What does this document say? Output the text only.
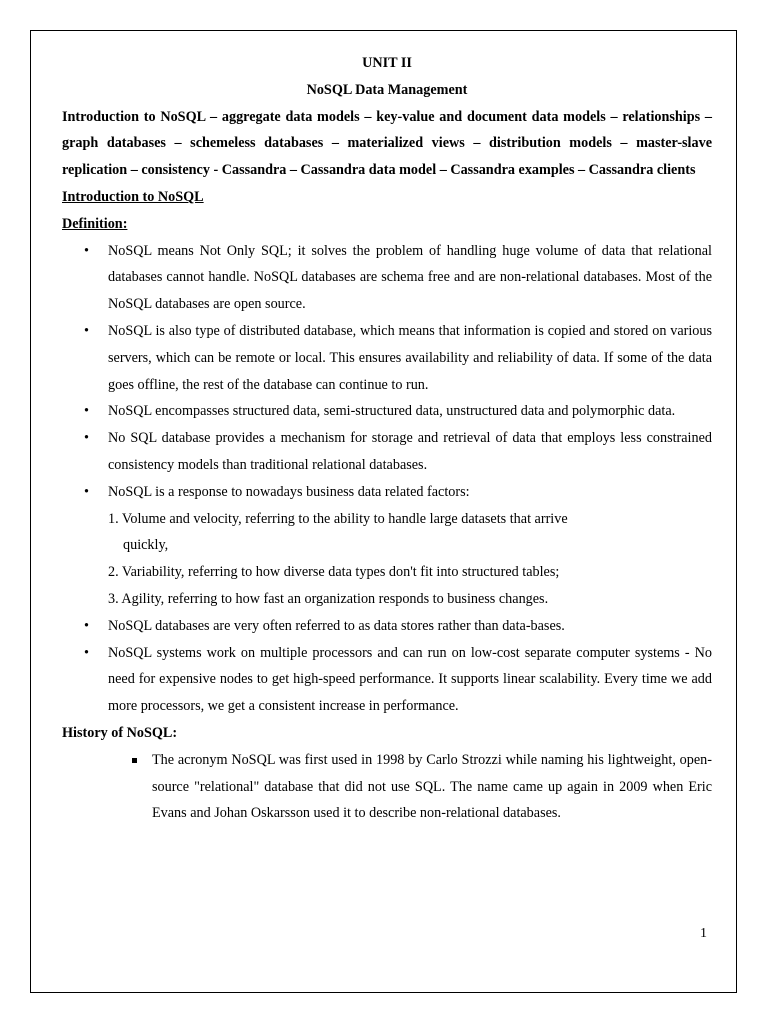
UNIT II
NoSQL Data Management
Introduction to NoSQL – aggregate data models – key-value and document data models – relationships – graph databases – schemeless databases – materialized views – distribution models – master-slave replication – consistency - Cassandra – Cassandra data model – Cassandra examples – Cassandra clients
Introduction to NoSQL
Definition:
• NoSQL means Not Only SQL; it solves the problem of handling huge volume of data that relational databases cannot handle. NoSQL databases are schema free and are non-relational databases. Most of the NoSQL databases are open source.
• NoSQL is also type of distributed database, which means that information is copied and stored on various servers, which can be remote or local. This ensures availability and reliability of data. If some of the data goes offline, the rest of the database can continue to run.
• NoSQL encompasses structured data, semi-structured data, unstructured data and polymorphic data.
• No SQL database provides a mechanism for storage and retrieval of data that employs less constrained consistency models than traditional relational databases.
• NoSQL is a response to nowadays business data related factors:
1. Volume and velocity, referring to the ability to handle large datasets that arrive
quickly,
2. Variability, referring to how diverse data types don't fit into structured tables;
3. Agility, referring to how fast an organization responds to business changes.
• NoSQL databases are very often referred to as data stores rather than data-bases.
• NoSQL systems work on multiple processors and can run on low-cost separate computer systems - No need for expensive nodes to get high-speed performance. It supports linear scalability. Every time we add more processors, we get a consistent increase in performance.
History of NoSQL:
The acronym NoSQL was first used in 1998 by Carlo Strozzi while naming his lightweight, open-source "relational" database that did not use SQL. The name came up again in 2009 when Eric Evans and Johan Oskarsson used it to describe non-relational databases.
1
